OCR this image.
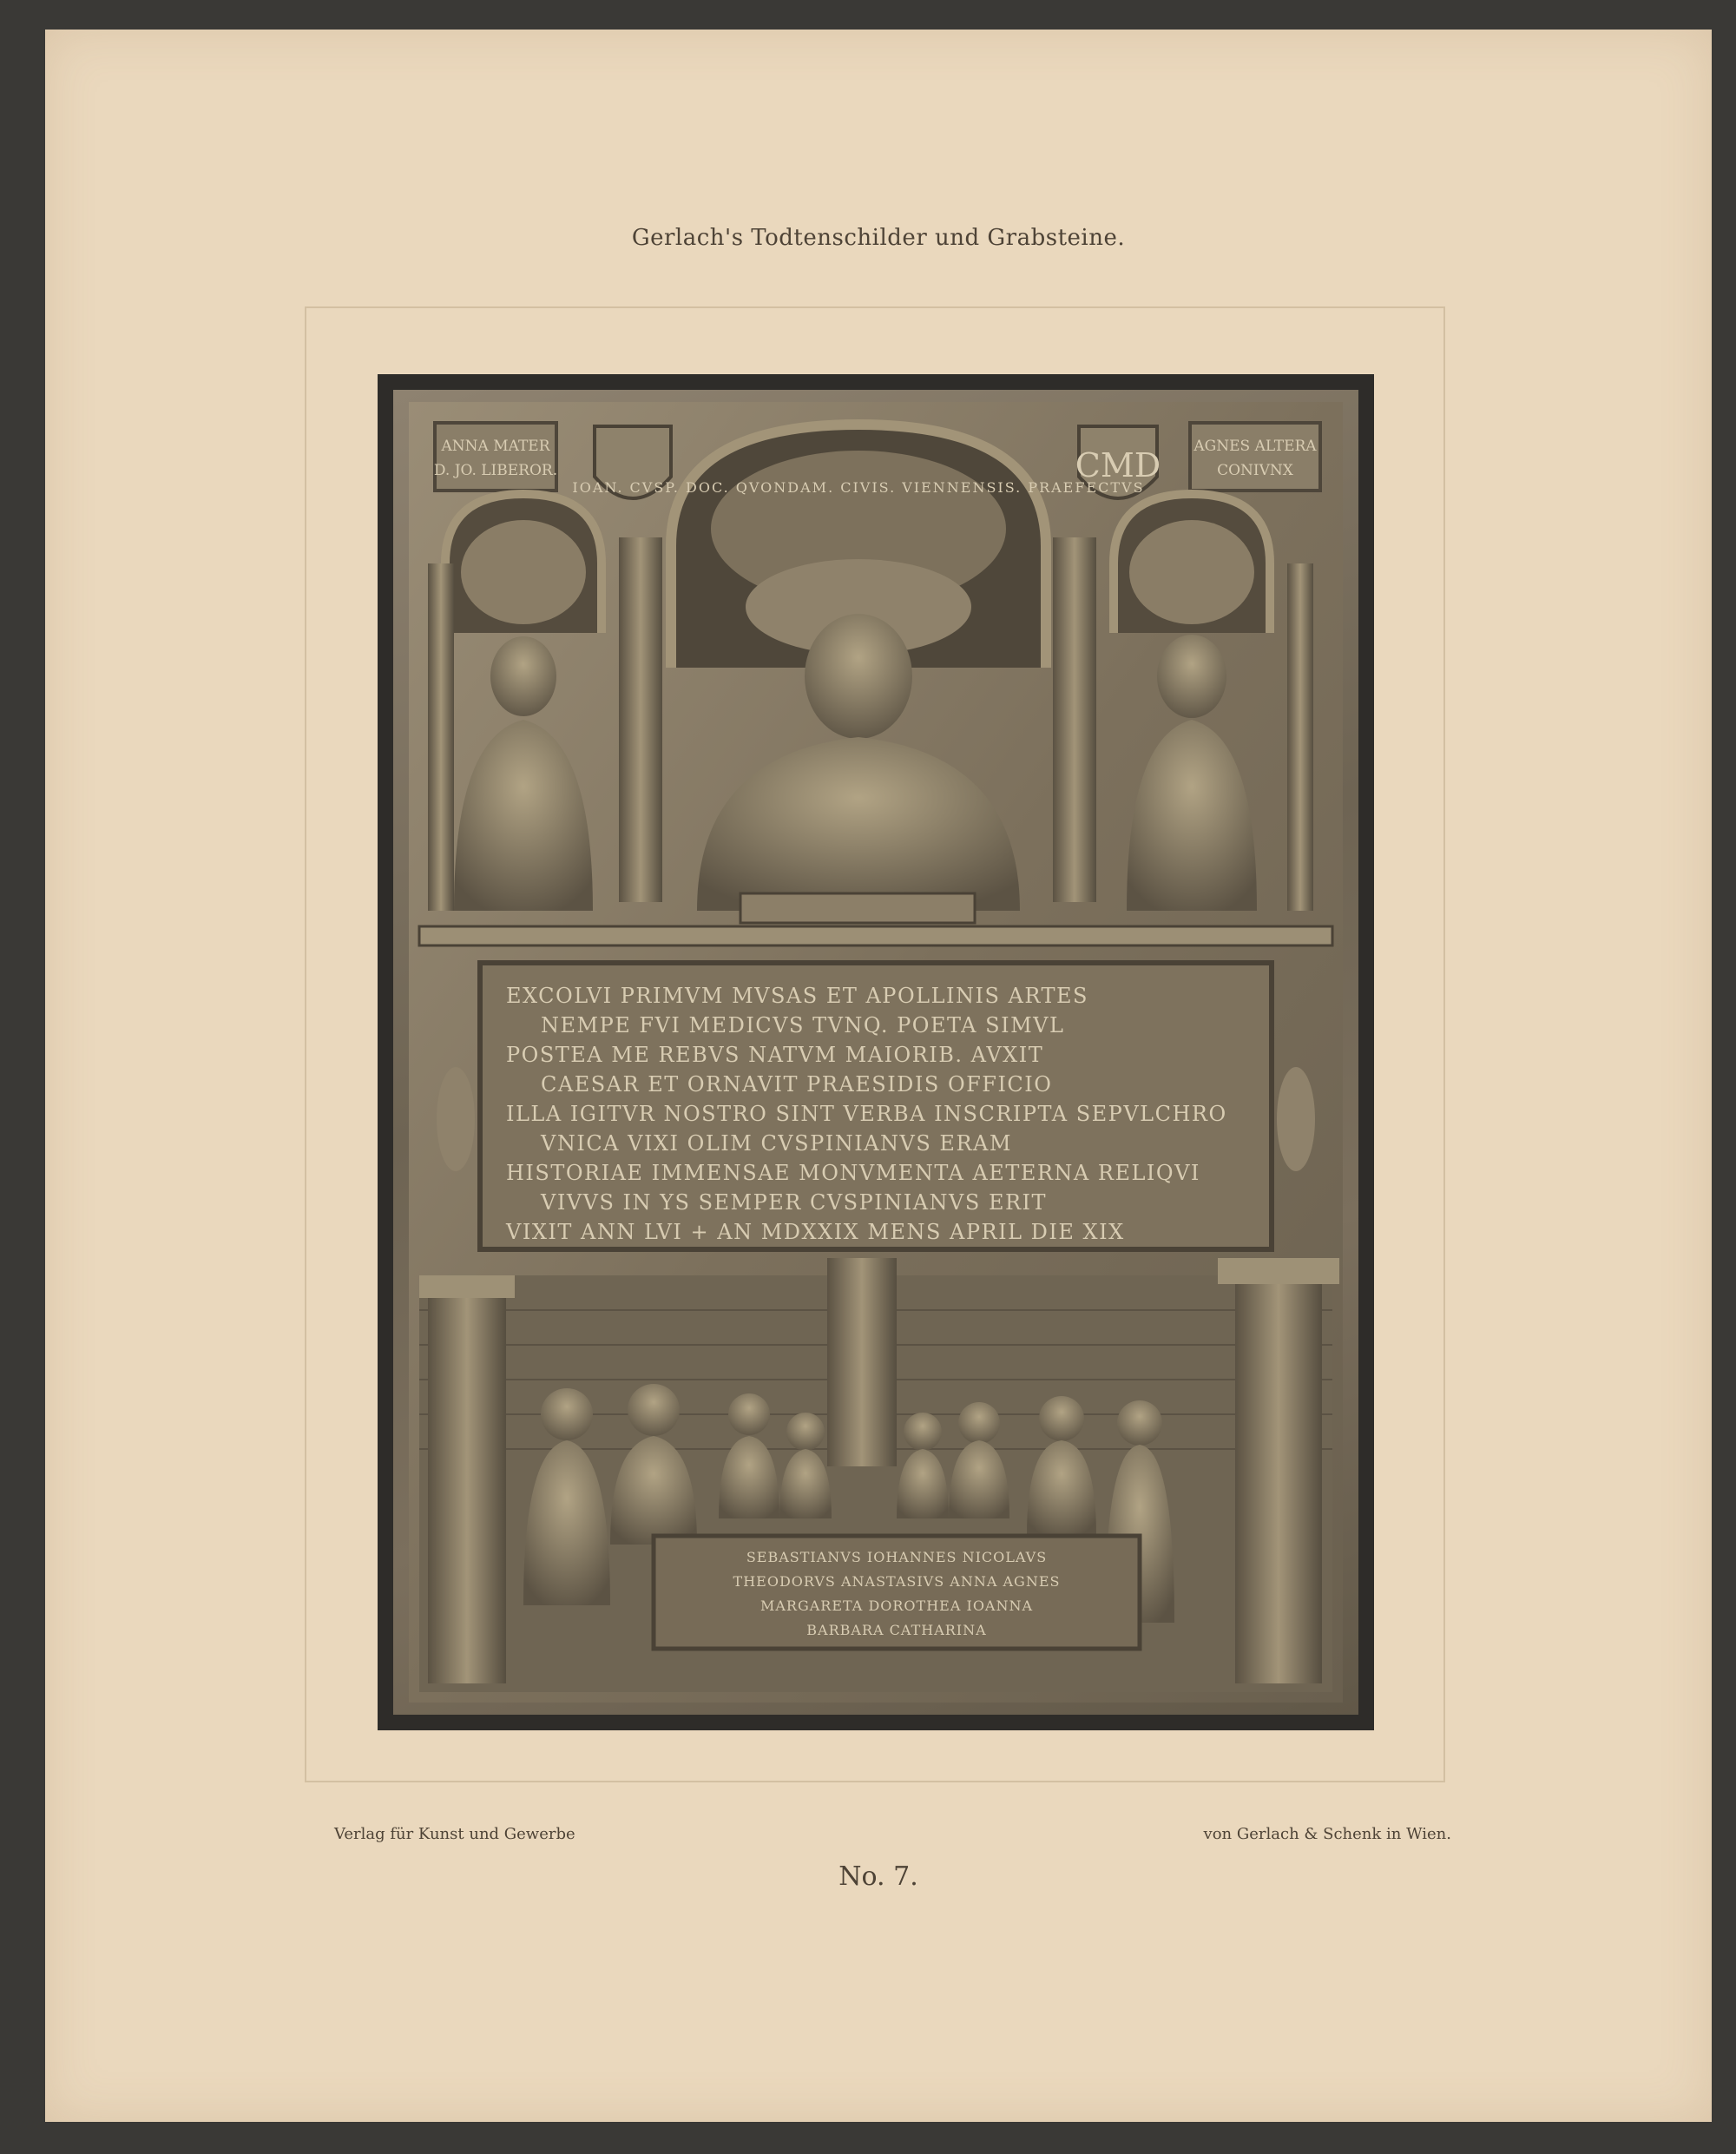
Gerlach's Todtenschilder und Grabsteine.
ANNA MATER
D. JO. LIBEROR.
AGNES ALTERA
CONIVNX
CMD
IOAN. CVSP. DOC. QVONDAM. CIVIS. VIENNENSIS. PRAEFECTVS
EXCOLVI PRIMVM MVSAS ET APOLLINIS ARTES
NEMPE FVI MEDICVS TVNQ. POETA SIMVL
POSTEA ME REBVS NATVM MAIORIB. AVXIT
CAESAR ET ORNAVIT PRAESIDIS OFFICIO
ILLA IGITVR NOSTRO SINT VERBA INSCRIPTA SEPVLCHRO
VNICA VIXI OLIM CVSPINIANVS ERAM
HISTORIAE IMMENSAE MONVMENTA AETERNA RELIQVI
VIVVS IN YS SEMPER CVSPINIANVS ERIT
VIXIT ANN LVI + AN MDXXIX MENS APRIL DIE XIX
SEBASTIANVS IOHANNES NICOLAVS
THEODORVS ANASTASIVS ANNA AGNES
MARGARETA DOROTHEA IOANNA
BARBARA CATHARINA
Verlag für Kunst und Gewerbe	von Gerlach & Schenk in Wien.
No. 7.
